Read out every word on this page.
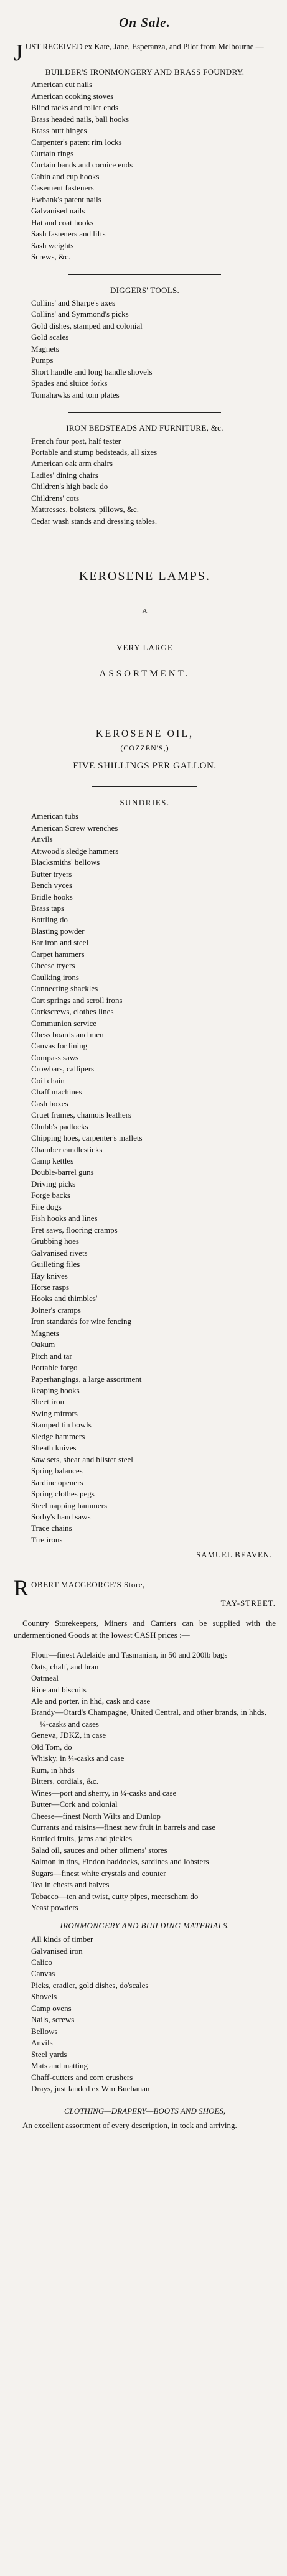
On Sale.

JUST RECEIVED ex Kate, Jane, Esperanza, and Pilot from Melbourne —

BUILDER'S IRONMONGERY AND BRASS FOUNDRY.
American cut nails
American cooking stoves
Blind racks and roller ends
Brass headed nails, ball hooks
Brass butt hinges
Carpenter's patent rim locks
Curtain rings
Curtain bands and cornice ends
Cabin and cup hooks
Casement fasteners
Ewbank's patent nails
Galvanised nails
Hat and coat hooks
Sash fasteners and lifts
Sash weights
Screws, &c.
DIGGERS' TOOLS.
Collins' and Sharpe's axes
Collins' and Symmond's picks
Gold dishes, stamped and colonial
Gold scales
Magnets
Pumps
Short handle and long handle shovels
Spades and sluice forks
Tomahawks and tom plates
IRON BEDSTEADS AND FURNITURE, &c.
French four post, half tester
Portable and stump bedsteads, all sizes
American oak arm chairs
Ladies' dining chairs
Children's high back do
Childrens' cots
Mattresses, bolsters, pillows, &c.
Cedar wash stands and dressing tables.
KEROSENE LAMPS.
A
VERY LARGE
ASSORTMENT.
KEROSENE OIL,
(COZZEN'S,)
FIVE SHILLINGS PER GALLON.
SUNDRIES.
American tubs
American Screw wrenches
Anvils
Attwood's sledge hammers
Blacksmiths' bellows
Butter tryers
Bench vyces
Bridle hooks
Brass taps
Bottling do
Blasting powder
Bar iron and steel
Carpet hammers
Cheese tryers
Caulking irons
Connecting shackles
Cart springs and scroll irons
Corkscrews, clothes lines
Communion service
Chess boards and men
Canvas for lining
Compass saws
Crowbars, callipers
Coil chain
Chaff machines
Cash boxes
Cruet frames, chamois leathers
Chubb's padlocks
Chipping hoes, carpenter's mallets
Chamber candlesticks
Camp kettles
Double-barrel guns
Driving picks
Forge backs
Fire dogs
Fish hooks and lines
Fret saws, flooring cramps
Grubbing hoes
Galvanised rivets
Guilleting files
Hay knives
Horse rasps
Hooks and thimbles'
Joiner's cramps
Iron standards for wire fencing
Magnets
Oakum
Pitch and tar
Portable forgo
Paperhangings, a large assortment
Reaping hooks
Sheet iron
Swing mirrors
Stamped tin bowls
Sledge hammers
Sheath knives
Saw sets, shear and blister steel
Spring balances
Sardine openers
Spring clothes pegs
Steel napping hammers
Sorby's hand saws
Trace chains
Tire irons
SAMUEL BEAVEN.
R OBERT MACGEORGE'S Store,
TAY-STREET.

Country Storekeepers, Miners and Carriers can be supplied with the undermentioned Goods at the lowest CASH prices :—

Flour—finest Adelaide and Tasmanian, in 50 and 200lb bags
Oats, chaff, and bran
Oatmeal
Rice and biscuits
Ale and porter, in hhd, cask and case
Brandy—Otard's Champagne, United Central, and other brands, in hhds, ¼-casks and cases
Geneva, JDKZ, in case
Old Tom, do
Whisky, in ¼-casks and case
Rum, in hhds
Bitters, cordials, &c.
Wines—port and sherry, in ¼-casks and case
Butter—Cork and colonial
Cheese—finest North Wilts and Dunlop
Currants and raisins—finest new fruit in barrels and case
Bottled fruits, jams and pickles
Salad oil, sauces and other oilmens' stores
Salmon in tins, Findon haddocks, sardines and lobsters
Sugars—finest white crystals and counter
Tea in chests and halves
Tobacco—ten and twist, cutty pipes, meerscham do
Yeast powders
IRONMONGERY AND BUILDING MATERIALS.
All kinds of timber
Galvanised iron
Calico
Canvas
Picks, cradler, gold dishes, do'scales
Shovels
Camp ovens
Nails, screws
Bellows
Anvils
Steel yards
Mats and matting
Chaff-cutters and corn crushers
Drays, just landed ex Wm Buchanan
CLOTHING—DRAPERY—BOOTS AND SHOES,

An excellent assortment of every description, in tock and arriving.
